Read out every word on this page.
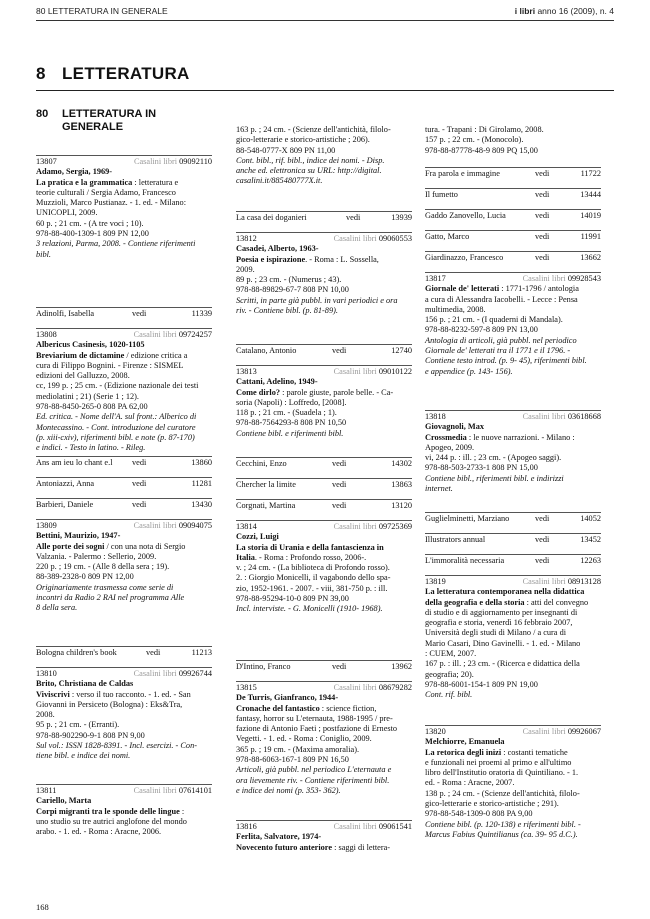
80 LETTERATURA IN GENERALE	i libri anno 16 (2009), n. 4
8 LETTERATURA
80	LETTERATURA IN GENERALE
13807	Casalini libri 09092110
Adamo, Sergia, 1969-
La pratica e la grammatica : letteratura e
teorie culturali / Sergia Adamo, Francesco
Muzzioli, Marco Pustianaz. - 1. ed. - Milano:
UNICOPLI, 2009.
60 p. ; 21 cm. - (A tre voci ; 10).
978-88-400-1309-1 809 PN 12,00
3 relazioni, Parma, 2008. - Contiene riferimenti
bibl.
Adinolfi, Isabella	vedi	11339
13808	Casalini libri 09724257
Albericus Casinesis, 1020-1105
Breviarium de dictamine / edizione critica a
cura di Filippo Bognini. - Firenze : SISMEL
edizioni del Galluzzo, 2008.
cc, 199 p. ; 25 cm. - (Edizione nazionale dei testi
mediolatini ; 21) (Serie 1 ; 12).
978-88-8450-265-0 808 PA 62,00
Ed. critica. - Nome dell'A. sul front.: Alberico di
Montecassino. - Cont. introduzione del curatore
(p. xiii-cxiv), riferimenti bibl. e note (p. 87-170)
e indici. - Testo in latino. - Rileg.
Ans am ieu lo chant e.l	vedi	13860
Antoniazzi, Anna	vedi	11281
Barbieri, Daniele	vedi	13430
13809	Casalini libri 09094075
Bettini, Maurizio, 1947-
Alle porte dei sogni / con una nota di Sergio
Valzania. - Palermo : Sellerio, 2009.
220 p. ; 19 cm. - (Alle 8 della sera ; 19).
88-389-2328-0 809 PN 12,00
Originariamente trasmessa come serie di
incontri da Radio 2 RAI nel programma Alle
8 della sera.
Bologna children's book	vedi	11213
13810	Casalini libri 09926744
Brito, Christiana de Caldas
Viviscrivi : verso il tuo racconto. - 1. ed. - San
Giovanni in Persiceto (Bologna) : Eks&Tra,
2008.
95 p. ; 21 cm. - (Erranti).
978-88-902290-9-1 808 PN 9,00
Sul vol.: ISSN 1828-8391. - Incl. esercizi. - Con-
tiene bibl. e indice dei nomi.
13811	Casalini libri 07614101
Cariello, Marta
Corpi migranti tra le sponde delle lingue :
uno studio su tre autrici anglofone del mondo
arabo. - 1. ed. - Roma : Aracne, 2006.
163 p. ; 24 cm. - (Scienze dell'antichità, filolo-
gico-letterarie e storico-artistiche ; 206).
88-548-0777-X 809 PN 11,00
Cont. bibl., rif. bibl., indice dei nomi. - Disp.
anche ed. elettronica su URL: http://digital.
casalini.it/885480777X.it.
La casa dei doganieri	vedi	13939
13812	Casalini libri 09060553
Casadei, Alberto, 1963-
Poesia e ispirazione. - Roma : L. Sossella,
2009.
89 p. ; 23 cm. - (Numerus ; 43).
978-88-89829-67-7 808 PN 10,00
Scritti, in parte già pubbl. in vari periodici e ora
riv. - Contiene bibl. (p. 81-89).
Catalano, Antonio	vedi	12740
13813	Casalini libri 09010122
Cattani, Adelino, 1949-
Come dirlo? : parole giuste, parole belle. - Ca-
soria (Napoli) : Loffredo, [2008].
118 p. ; 21 cm. - (Suadela ; 1).
978-88-7564293-8 808 PN 10,50
Contiene bibl. e riferimenti bibl.
Cecchini, Enzo	vedi	14302
Chercher la limite	vedi	13863
Corgnati, Martina	vedi	13120
13814	Casalini libri 09725369
Cozzi, Luigi
La storia di Urania e della fantascienza in
Italia. - Roma : Profondo rosso, 2006-.
v. ; 24 cm. - (La biblioteca di Profondo rosso).
2. : Giorgio Monicelli, il vagabondo dello spa-
zio, 1952-1961. - 2007. - viii, 381-750 p. : ill.
978-88-95294-10-0 809 PN 39,00
Incl. interviste. - G. Monicelli (1910- 1968).
D'Intino, Franco	vedi	13962
13815	Casalini libri 08679282
De Turris, Gianfranco, 1944-
Cronache del fantastico : science fiction,
fantasy, horror su L'eternauta, 1988-1995 / pre-
fazione di Antonio Faeti ; postfazione di Ernesto
Vegetti. - 1. ed. - Roma : Coniglio, 2009.
365 p. ; 19 cm. - (Maxima amoralia).
978-88-6063-167-1 809 PN 16,50
Articoli, già pubbl. nel periodico L'eternauta e
ora lievemente riv. - Contiene riferimenti bibl.
e indice dei nomi (p. 353- 362).
13816	Casalini libri 09061541
Ferlita, Salvatore, 1974-
Novecento futuro anteriore : saggi di lettera-
tura. - Trapani : Di Girolamo, 2008.
157 p. ; 22 cm. - (Monocolo).
978-88-87778-48-9 809 PQ 15,00
Fra parola e immagine	vedi	11722
Il fumetto	vedi	13444
Gaddo Zanovello, Lucia	vedi	14019
Gatto, Marco	vedi	11991
Giardinazzo, Francesco	vedi	13662
13817	Casalini libri 09928543
Giornale de' letterati : 1771-1796 / antologia
a cura di Alessandra Iacobelli. - Lecce : Pensa
multimedia, 2008.
156 p. ; 21 cm. - (I quaderni di Mandala).
978-88-8232-597-8 809 PN 13,00
Antologia di articoli, già pubbl. nel periodico
Giornale de' letterati tra il 1771 e il 1796. -
Contiene testo introd. (p. 9- 45), riferimenti bibl.
e appendice (p. 143- 156).
13818	Casalini libri 03618668
Giovagnoli, Max
Crossmedia : le nuove narrazioni. - Milano :
Apogeo, 2009.
vi, 244 p. : ill. ; 23 cm. - (Apogeo saggi).
978-88-503-2733-1 808 PN 15,00
Contiene bibl., riferimenti bibl. e indirizzi
internet.
Guglielminetti, Marziano	vedi	14052
Illustrators annual	vedi	13452
L'immoralità necessaria	vedi	12263
13819	Casalini libri 08913128
La letteratura contemporanea nella didattica
della geografia e della storia : atti del convegno
di studio e di aggiornamento per insegnanti di
geografia e storia, venerdì 16 febbraio 2007,
Università degli studi di Milano / a cura di
Mario Casari, Dino Gavinelli. - 1. ed. - Milano
: CUEM, 2007.
167 p. : ill. ; 23 cm. - (Ricerca e didattica della
geografia; 20).
978-88-6001-154-1 809 PN 19,00
Cont. rif. bibl.
13820	Casalini libri 09926067
Melchiorre, Emanuela
La retorica degli inizi : costanti tematiche
e funzionali nei proemi al primo e all'ultimo
libro dell'Institutio oratoria di Quintiliano. - 1.
ed. - Roma : Aracne, 2007.
138 p. ; 24 cm. - (Scienze dell'antichità, filolo-
gico-letterarie e storico-artistiche ; 291).
978-88-548-1309-0 808 PA 9,00
Contiene bibl. (p. 120-138) e riferimenti bibl. -
Marcus Fabius Quintilianus (ca. 39- 95 d.C.).
168
